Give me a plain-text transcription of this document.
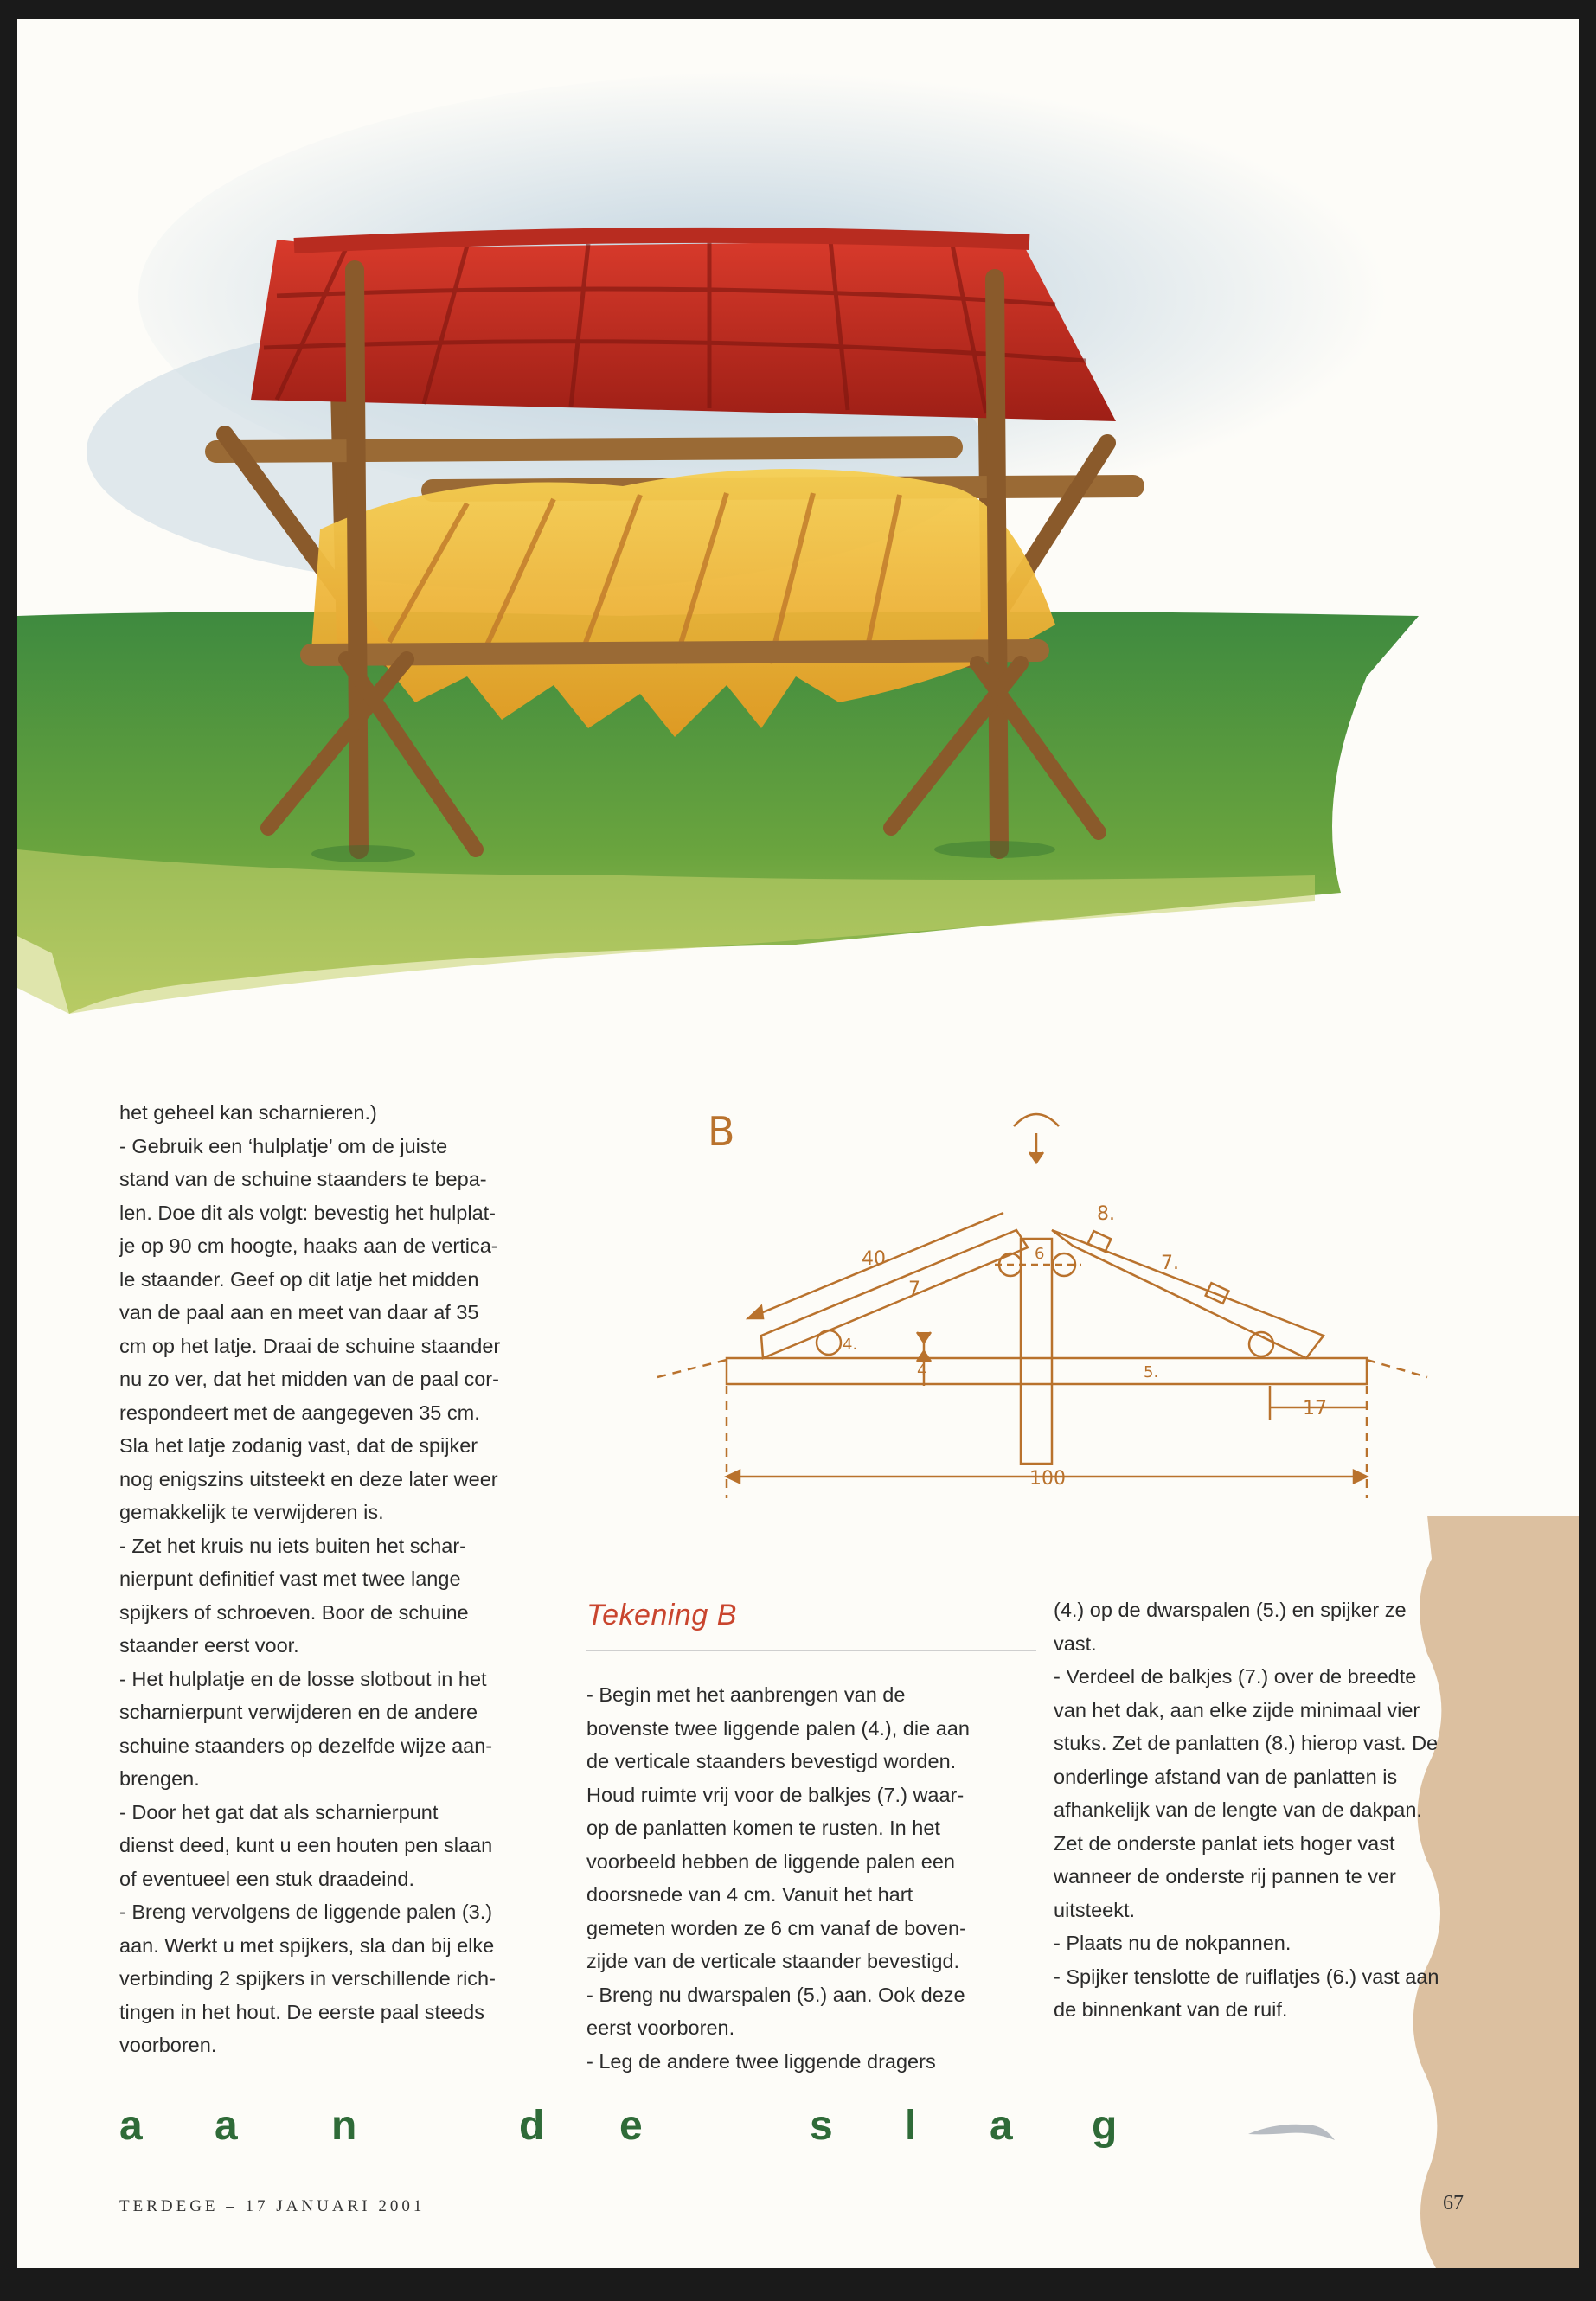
B
40
7
6
8.
7.
4.
4	5.
17
100
het geheel kan scharnieren.)
- Gebruik een ‘hulplatje’ om de juiste
stand van de schuine staanders te bepa-
len. Doe dit als volgt: bevestig het hulplat-
je op 90 cm hoogte, haaks aan de vertica-
le staander. Geef op dit latje het midden
van de paal aan en meet van daar af 35
cm op het latje. Draai de schuine staander
nu zo ver, dat het midden van de paal cor-
respondeert met de aangegeven 35 cm.
Sla het latje zodanig vast, dat de spijker
nog enigszins uitsteekt en deze later weer
gemakkelijk te verwijderen is.
- Zet het kruis nu iets buiten het schar-
nierpunt definitief vast met twee lange
spijkers of schroeven. Boor de schuine
staander eerst voor.
- Het hulplatje en de losse slotbout in het
scharnierpunt verwijderen en de andere
schuine staanders op dezelfde wijze aan-
brengen.
- Door het gat dat als scharnierpunt
dienst deed, kunt u een houten pen slaan
of eventueel een stuk draadeind.
- Breng vervolgens de liggende palen (3.)
aan. Werkt u met spijkers, sla dan bij elke
verbinding 2 spijkers in verschillende rich-
tingen in het hout. De eerste paal steeds
voorboren.
Tekening B
- Begin met het aanbrengen van de
bovenste twee liggende palen (4.), die aan
de verticale staanders bevestigd worden.
Houd ruimte vrij voor de balkjes (7.) waar-
op de panlatten komen te rusten. In het
voorbeeld hebben de liggende palen een
doorsnede van 4 cm. Vanuit het hart
gemeten worden ze 6 cm vanaf de boven-
zijde van de verticale staander bevestigd.
- Breng nu dwarspalen (5.) aan. Ook deze
eerst voorboren.
- Leg de andere twee liggende dragers
(4.) op de dwarspalen (5.) en spijker ze
vast.
- Verdeel de balkjes (7.) over de breedte
van het dak, aan elke zijde minimaal vier
stuks. Zet de panlatten (8.) hierop vast. De
onderlinge afstand van de panlatten is
afhankelijk van de lengte van de dakpan.
Zet de onderste panlat iets hoger vast
wanneer de onderste rij pannen te ver
uitsteekt.
- Plaats nu de nokpannen.
- Spijker tenslotte de ruiflatjes (6.) vast aan
de binnenkant van de ruif.
a a n	d e	s l a g
TERDEGE – 17 JANUARI 2001	67
